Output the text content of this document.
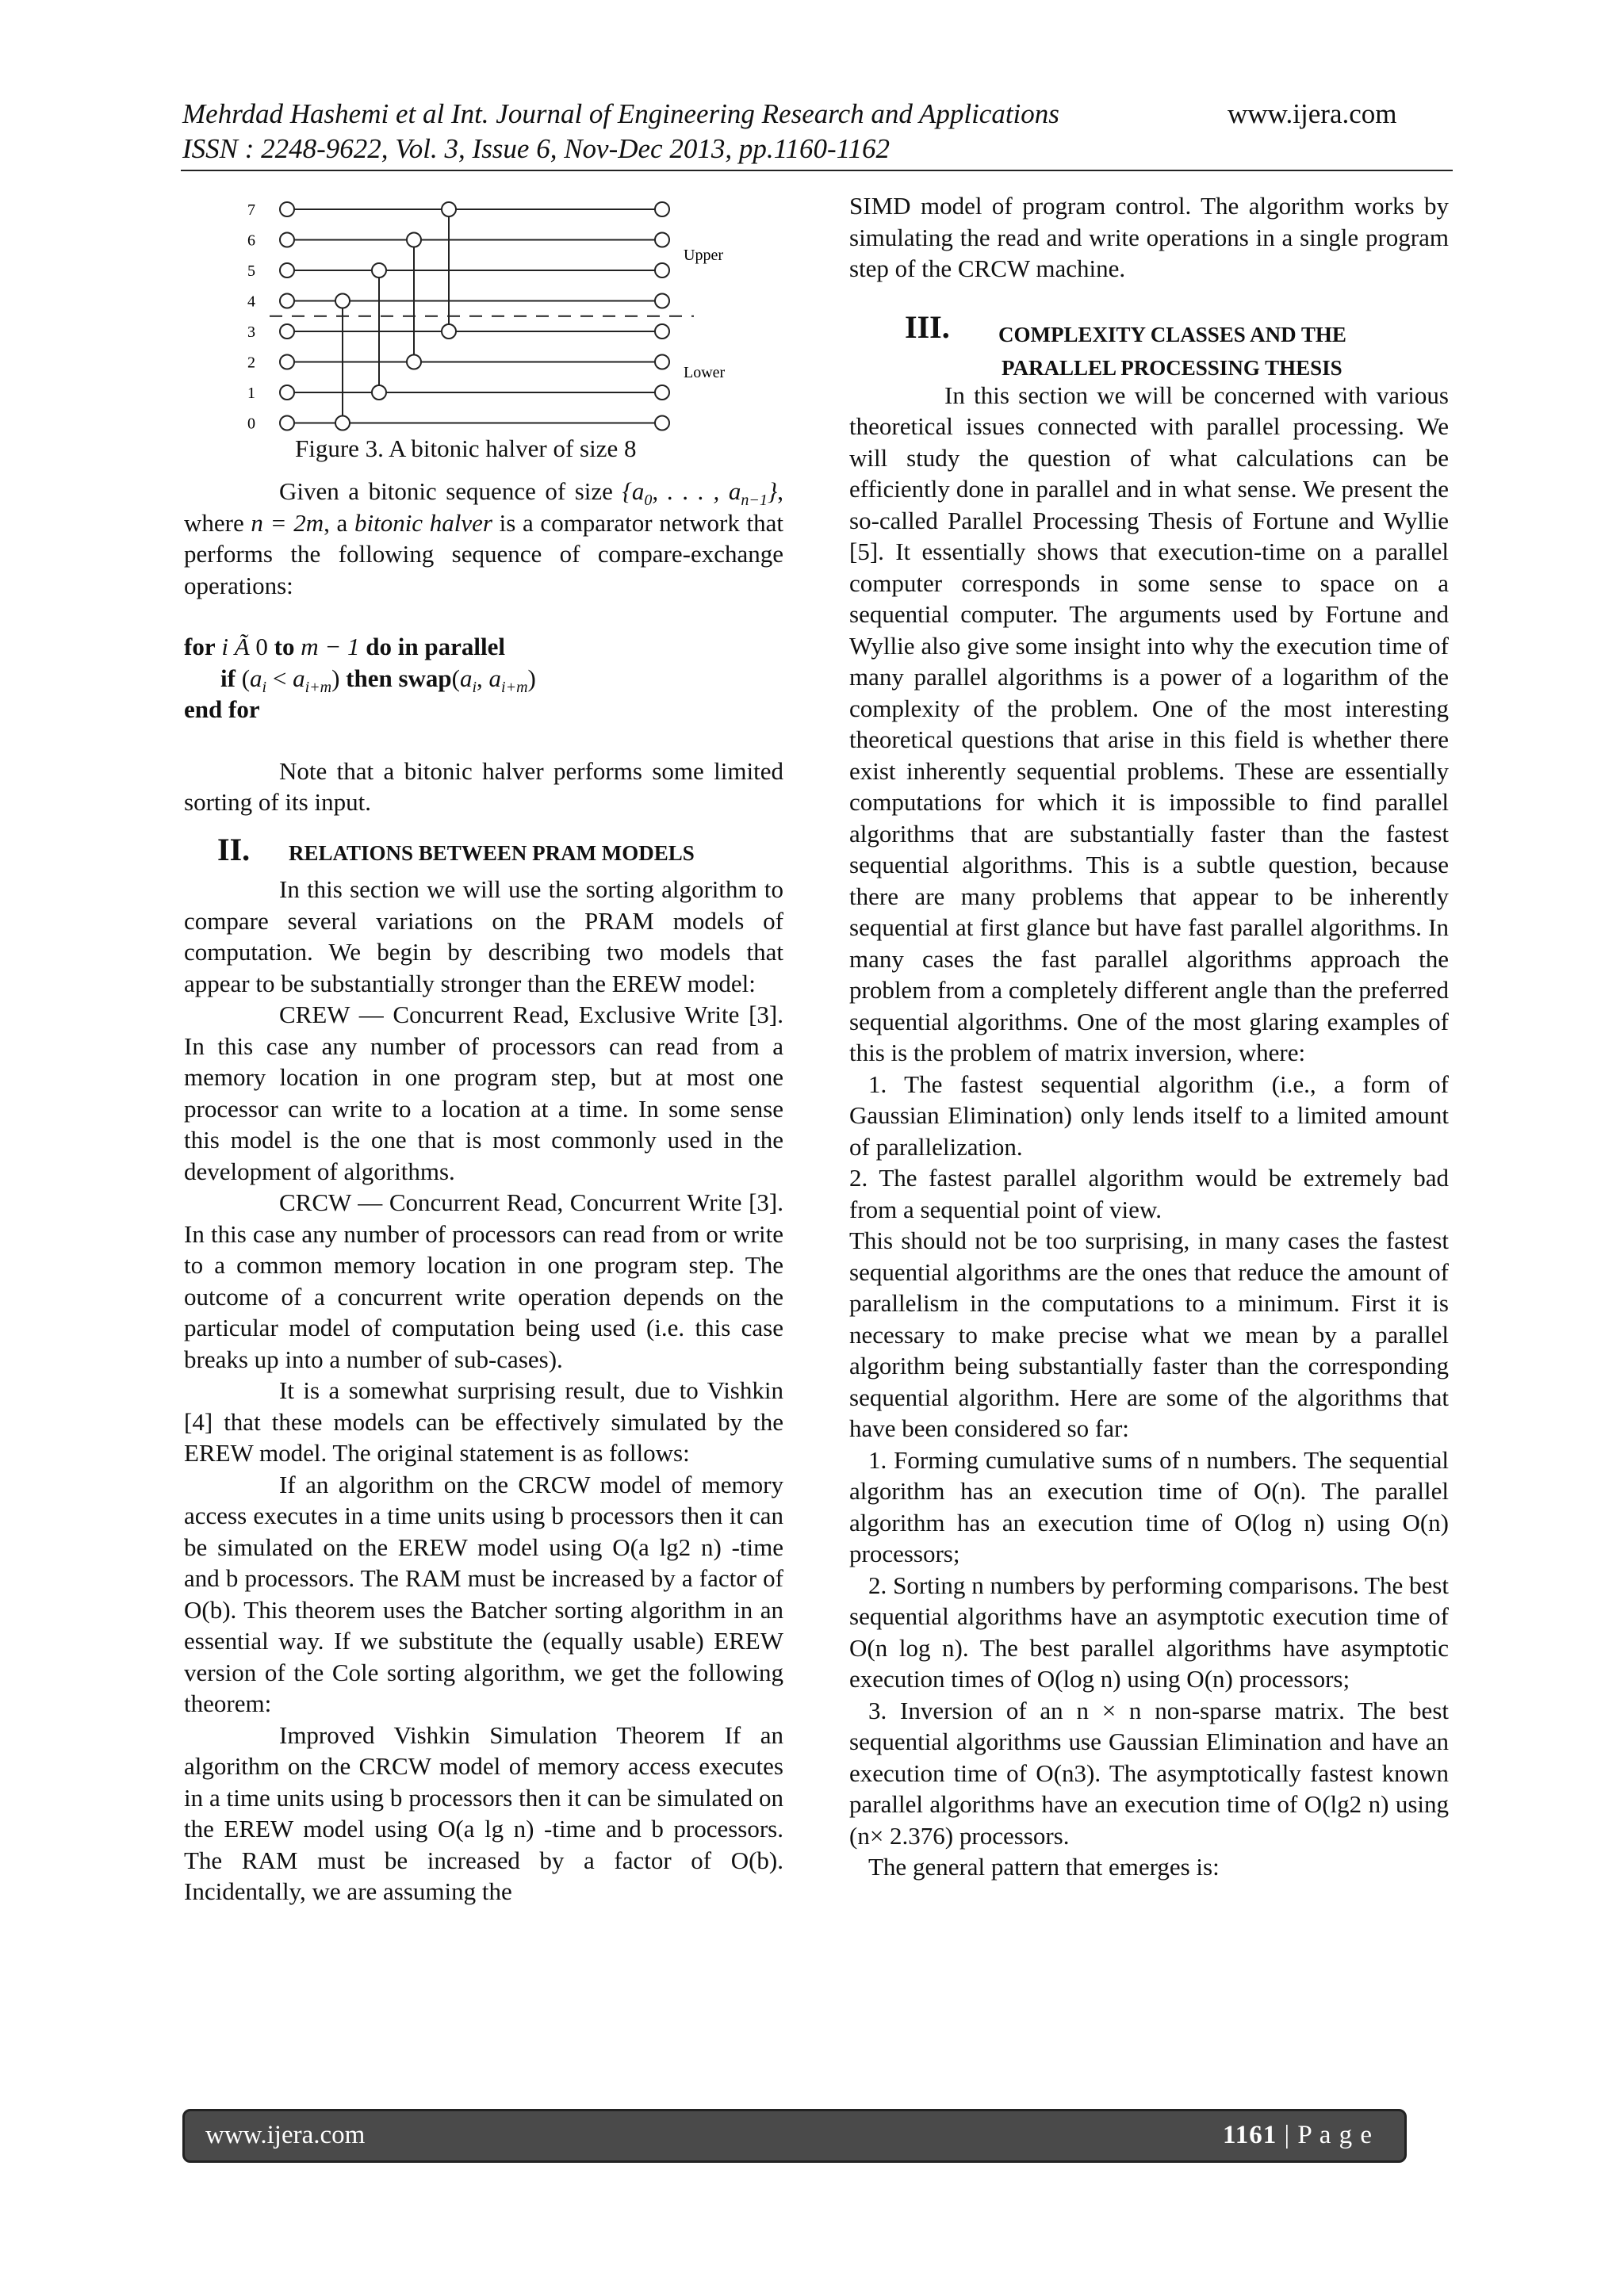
Mehrdad Hashemi et al Int. Journal of Engineering Research and Applications	www.ijera.com
ISSN : 2248-9622, Vol. 3, Issue 6, Nov-Dec 2013, pp.1160-1162
7
6
5
4
3
2
1
0
Upper
Lower
Figure 3. A bitonic halver of size 8

Given a bitonic sequence of size {$a_0$, . . . , $a_{n-1}$}, where n = 2m, a bitonic halver is a comparator network that performs the following sequence of compare-exchange operations:

for i Ã 0 to m − 1 do in parallel

if $(a_i < a_{i+m})$ then $swap(a_i$, $a_{i+m}$)

end for

Note that a bitonic halver performs some limited sorting of its input.

II.	RELATIONS BETWEEN PRAM MODELS

In this section we will use the sorting algorithm to compare several variations on the PRAM models of computation. We begin by describing two models that appear to be substantially stronger than the EREW model:

CREW — Concurrent Read, Exclusive Write [3]. In this case any number of processors can read from a memory location in one program step, but at most one processor can write to a location at a time. In some sense this model is the one that is most commonly used in the development of algorithms.

CRCW — Concurrent Read, Concurrent Write [3]. In this case any number of processors can read from or write to a common memory location in one program step. The outcome of a concurrent write operation depends on the particular model of computation being used (i.e. this case breaks up into a number of sub-cases).

It is a somewhat surprising result, due to Vishkin [4] that these models can be effectively simulated by the EREW model. The original statement is as follows:

If an algorithm on the CRCW model of memory access executes in a time units using b processors then it can be simulated on the EREW model using O(a lg2 n) -time and b processors. The RAM must be increased by a factor of O(b). This theorem uses the Batcher sorting algorithm in an essential way. If we substitute the (equally usable) EREW version of the Cole sorting algorithm, we get the following theorem:

Improved Vishkin Simulation Theorem If an algorithm on the CRCW model of memory access executes in a time units using b processors then it can be simulated on the EREW model using O(a lg n) -time and b processors. The RAM must be increased by a factor of O(b). Incidentally, we are assuming the

SIMD model of program control. The algorithm works by simulating the read and write operations in a single program step of the CRCW machine.

III. COMPLEXITY CLASSES AND THE
PARALLEL PROCESSING THESIS

In this section we will be concerned with various theoretical issues connected with parallel processing. We will study the question of what calculations can be efficiently done in parallel and in what sense. We present the so-called Parallel Processing Thesis of Fortune and Wyllie [5]. It essentially shows that execution-time on a parallel computer corresponds in some sense to space on a sequential computer. The arguments used by Fortune and Wyllie also give some insight into why the execution time of many parallel algorithms is a power of a logarithm of the complexity of the problem. One of the most interesting theoretical questions that arise in this field is whether there exist inherently sequential problems. These are essentially computations for which it is impossible to find parallel algorithms that are substantially faster than the fastest sequential algorithms. This is a subtle question, because there are many problems that appear to be inherently sequential at first glance but have fast parallel algorithms. In many cases the fast parallel algorithms approach the problem from a completely different angle than the preferred sequential algorithms. One of the most glaring examples of this is the problem of matrix inversion, where:

1. The fastest sequential algorithm (i.e., a form of Gaussian Elimination) only lends itself to a limited amount of parallelization.

2. The fastest parallel algorithm would be extremely bad from a sequential point of view.

This should not be too surprising, in many cases the fastest sequential algorithms are the ones that reduce the amount of parallelism in the computations to a minimum. First it is necessary to make precise what we mean by a parallel algorithm being substantially faster than the corresponding sequential algorithm. Here are some of the algorithms that have been considered so far:

1. Forming cumulative sums of n numbers. The sequential algorithm has an execution time of O(n). The parallel algorithm has an execution time of O(log n) using O(n) processors;

2. Sorting n numbers by performing comparisons. The best sequential algorithms have an asymptotic execution time of O(n log n). The best parallel algorithms have asymptotic execution times of O(log n) using O(n) processors;

3. Inversion of an n × n non-sparse matrix. The best sequential algorithms use Gaussian Elimination and have an execution time of O(n3). The asymptotically fastest known parallel algorithms have an execution time of O(lg2 n) using (n× 2.376) processors.

The general pattern that emerges is:

www.ijera.com	1161 | P a g e
